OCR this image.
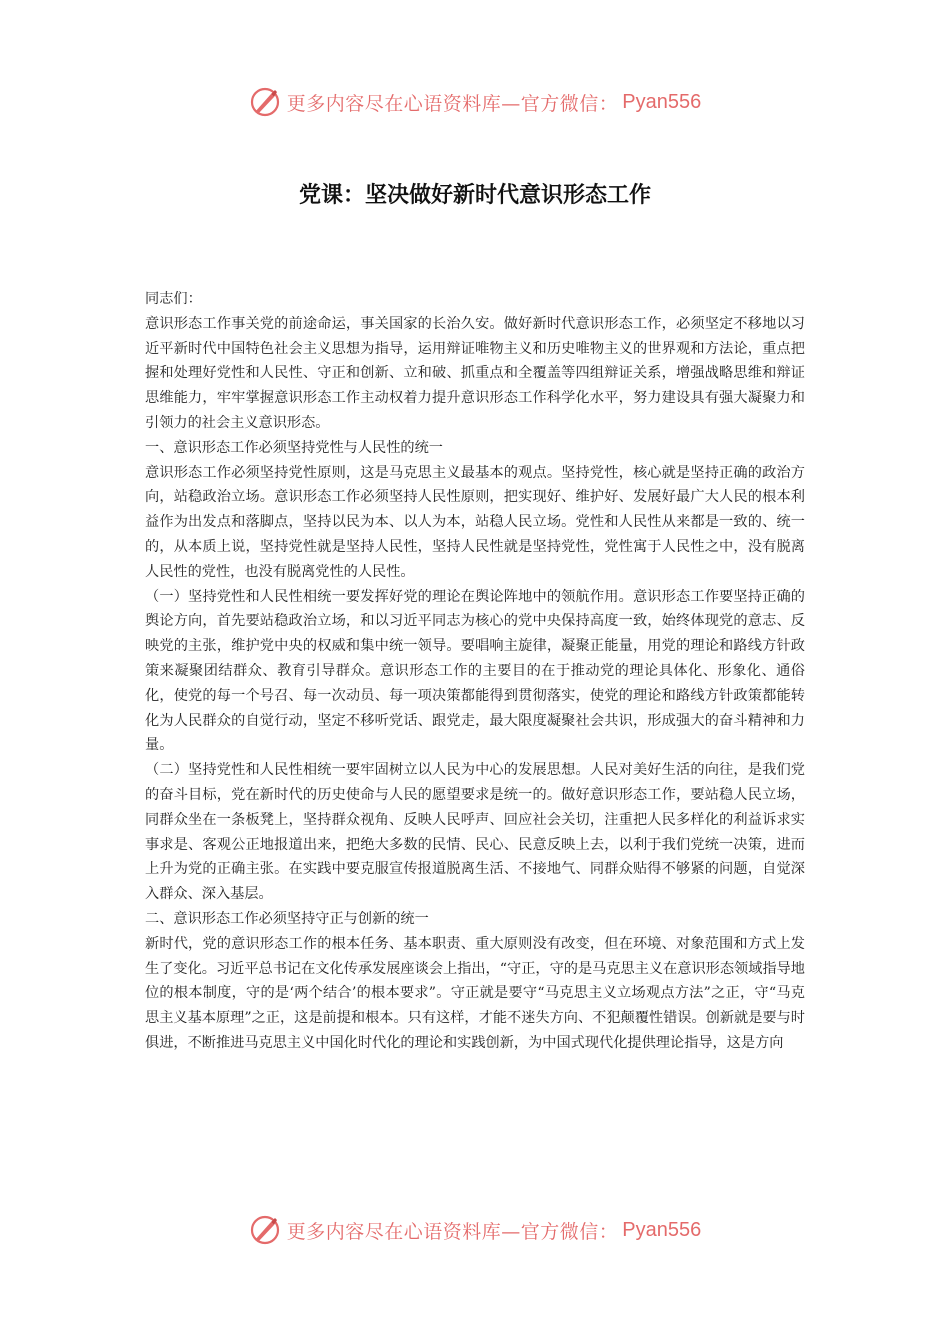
更多内容尽在心语资料库—官方微信： Pyan556
党课：坚决做好新时代意识形态工作

同志们：

意识形态工作事关党的前途命运，事关国家的长治久安。做好新时代意识形态工作，必须坚定不移地以习近平新时代中国特色社会主义思想为指导，运用辩证唯物主义和历史唯物主义的世界观和方法论，重点把握和处理好党性和人民性、守正和创新、立和破、抓重点和全覆盖等四组辩证关系，增强战略思维和辩证思维能力，牢牢掌握意识形态工作主动权着力提升意识形态工作科学化水平，努力建设具有强大凝聚力和引领力的社会主义意识形态。

一、意识形态工作必须坚持党性与人民性的统一

意识形态工作必须坚持党性原则，这是马克思主义最基本的观点。坚持党性，核心就是坚持正确的政治方向，站稳政治立场。意识形态工作必须坚持人民性原则，把实现好、维护好、发展好最广大人民的根本利益作为出发点和落脚点，坚持以民为本、以人为本，站稳人民立场。党性和人民性从来都是一致的、统一的，从本质上说，坚持党性就是坚持人民性，坚持人民性就是坚持党性，党性寓于人民性之中，没有脱离人民性的党性，也没有脱离党性的人民性。

（一）坚持党性和人民性相统一要发挥好党的理论在舆论阵地中的领航作用。意识形态工作要坚持正确的舆论方向，首先要站稳政治立场，和以习近平同志为核心的党中央保持高度一致，始终体现党的意志、反映党的主张，维护党中央的权威和集中统一领导。要唱响主旋律，凝聚正能量，用党的理论和路线方针政策来凝聚团结群众、教育引导群众。意识形态工作的主要目的在于推动党的理论具体化、形象化、通俗化，使党的每一个号召、每一次动员、每一项决策都能得到贯彻落实，使党的理论和路线方针政策都能转化为人民群众的自觉行动，坚定不移听党话、跟党走，最大限度凝聚社会共识，形成强大的奋斗精神和力量。

（二）坚持党性和人民性相统一要牢固树立以人民为中心的发展思想。人民对美好生活的向往，是我们党的奋斗目标，党在新时代的历史使命与人民的愿望要求是统一的。做好意识形态工作，要站稳人民立场，同群众坐在一条板凳上，坚持群众视角、反映人民呼声、回应社会关切，注重把人民多样化的利益诉求实事求是、客观公正地报道出来，把绝大多数的民情、民心、民意反映上去，以利于我们党统一决策，进而上升为党的正确主张。在实践中要克服宣传报道脱离生活、不接地气、同群众贴得不够紧的问题，自觉深入群众、深入基层。

二、意识形态工作必须坚持守正与创新的统一

新时代，党的意识形态工作的根本任务、基本职责、重大原则没有改变，但在环境、对象范围和方式上发生了变化。习近平总书记在文化传承发展座谈会上指出，“守正，守的是马克思主义在意识形态领域指导地位的根本制度，守的是‘两个结合’的根本要求”。守正就是要守“马克思主义立场观点方法”之正，守“马克思主义基本原理”之正，这是前提和根本。只有这样，才能不迷失方向、不犯颠覆性错误。创新就是要与时俱进，不断推进马克思主义中国化时代化的理论和实践创新，为中国式现代化提供理论指导，这是方向

更多内容尽在心语资料库—官方微信： Pyan556
